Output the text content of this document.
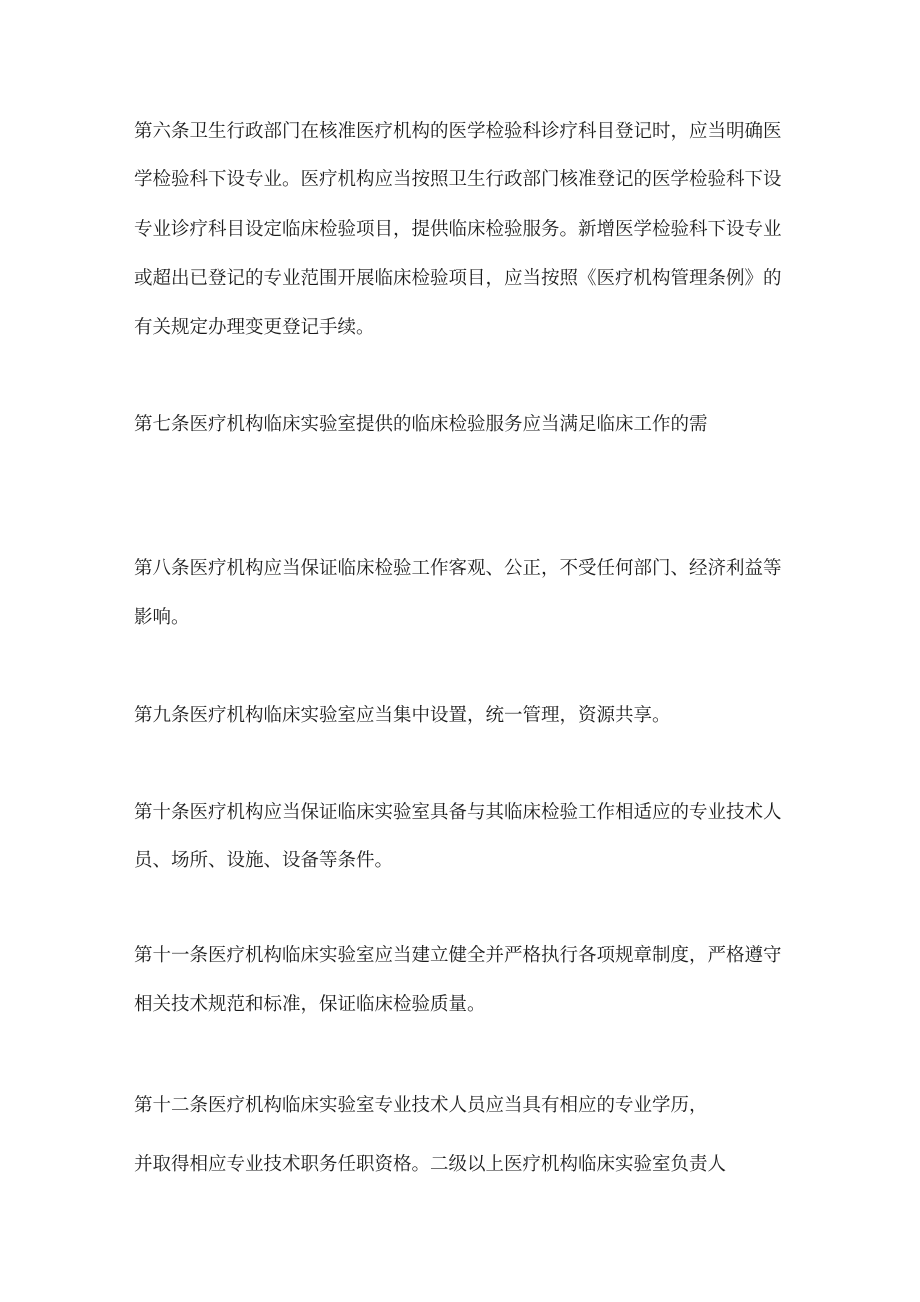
第六条卫生行政部门在核准医疗机构的医学检验科诊疗科目登记时，应当明确医
学检验科下设专业。医疗机构应当按照卫生行政部门核准登记的医学检验科下设
专业诊疗科目设定临床检验项目，提供临床检验服务。新增医学检验科下设专业
或超出已登记的专业范围开展临床检验项目，应当按照《医疗机构管理条例》的
有关规定办理变更登记手续。
第七条医疗机构临床实验室提供的临床检验服务应当满足临床工作的需
第八条医疗机构应当保证临床检验工作客观、公正，不受任何部门、经济利益等
影响。
第九条医疗机构临床实验室应当集中设置，统一管理，资源共享。
第十条医疗机构应当保证临床实验室具备与其临床检验工作相适应的专业技术人
员、场所、设施、设备等条件。
第十一条医疗机构临床实验室应当建立健全并严格执行各项规章制度，严格遵守
相关技术规范和标准，保证临床检验质量。
第十二条医疗机构临床实验室专业技术人员应当具有相应的专业学历，
并取得相应专业技术职务任职资格。二级以上医疗机构临床实验室负责人
